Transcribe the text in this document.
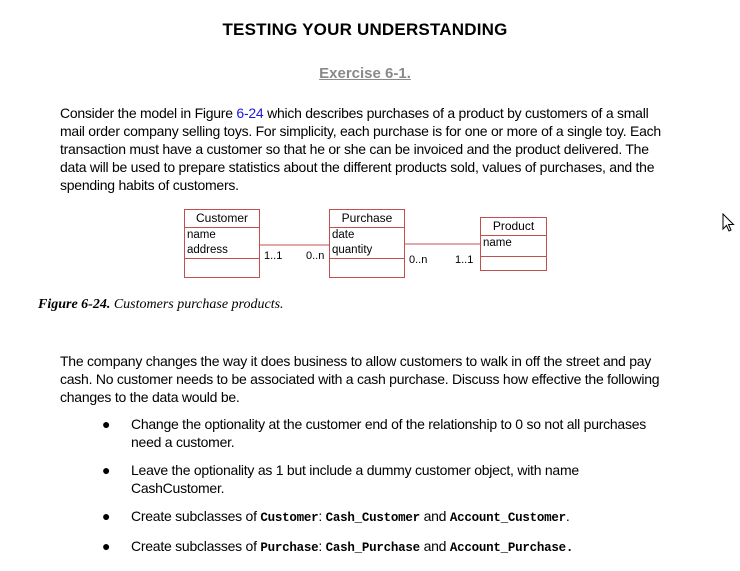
TESTING YOUR UNDERSTANDING
Exercise 6-1.
Consider the model in Figure 6-24 which describes purchases of a product by customers of a small mail order company selling toys. For simplicity, each purchase is for one or more of a single toy. Each transaction must have a customer so that he or she can be invoiced and the product delivered. The data will be used to prepare statistics about the different products sold, values of purchases, and the spending habits of customers.
Customer
name
address
Purchase
date
quantity
Product
name
1..1 0..n	0..n	1..1
Figure 6-24. Customers purchase products.
The company changes the way it does business to allow customers to walk in off the street and pay cash. No customer needs to be associated with a cash purchase. Discuss how effective the following changes to the data would be.
● Change the optionality at the customer end of the relationship to 0 so not all purchases need a customer.
● Leave the optionality as 1 but include a dummy customer object, with name CashCustomer.
● Create subclasses of Customer: Cash_Customer and Account_Customer.
● Create subclasses of Purchase: Cash_Purchase and Account_Purchase.
